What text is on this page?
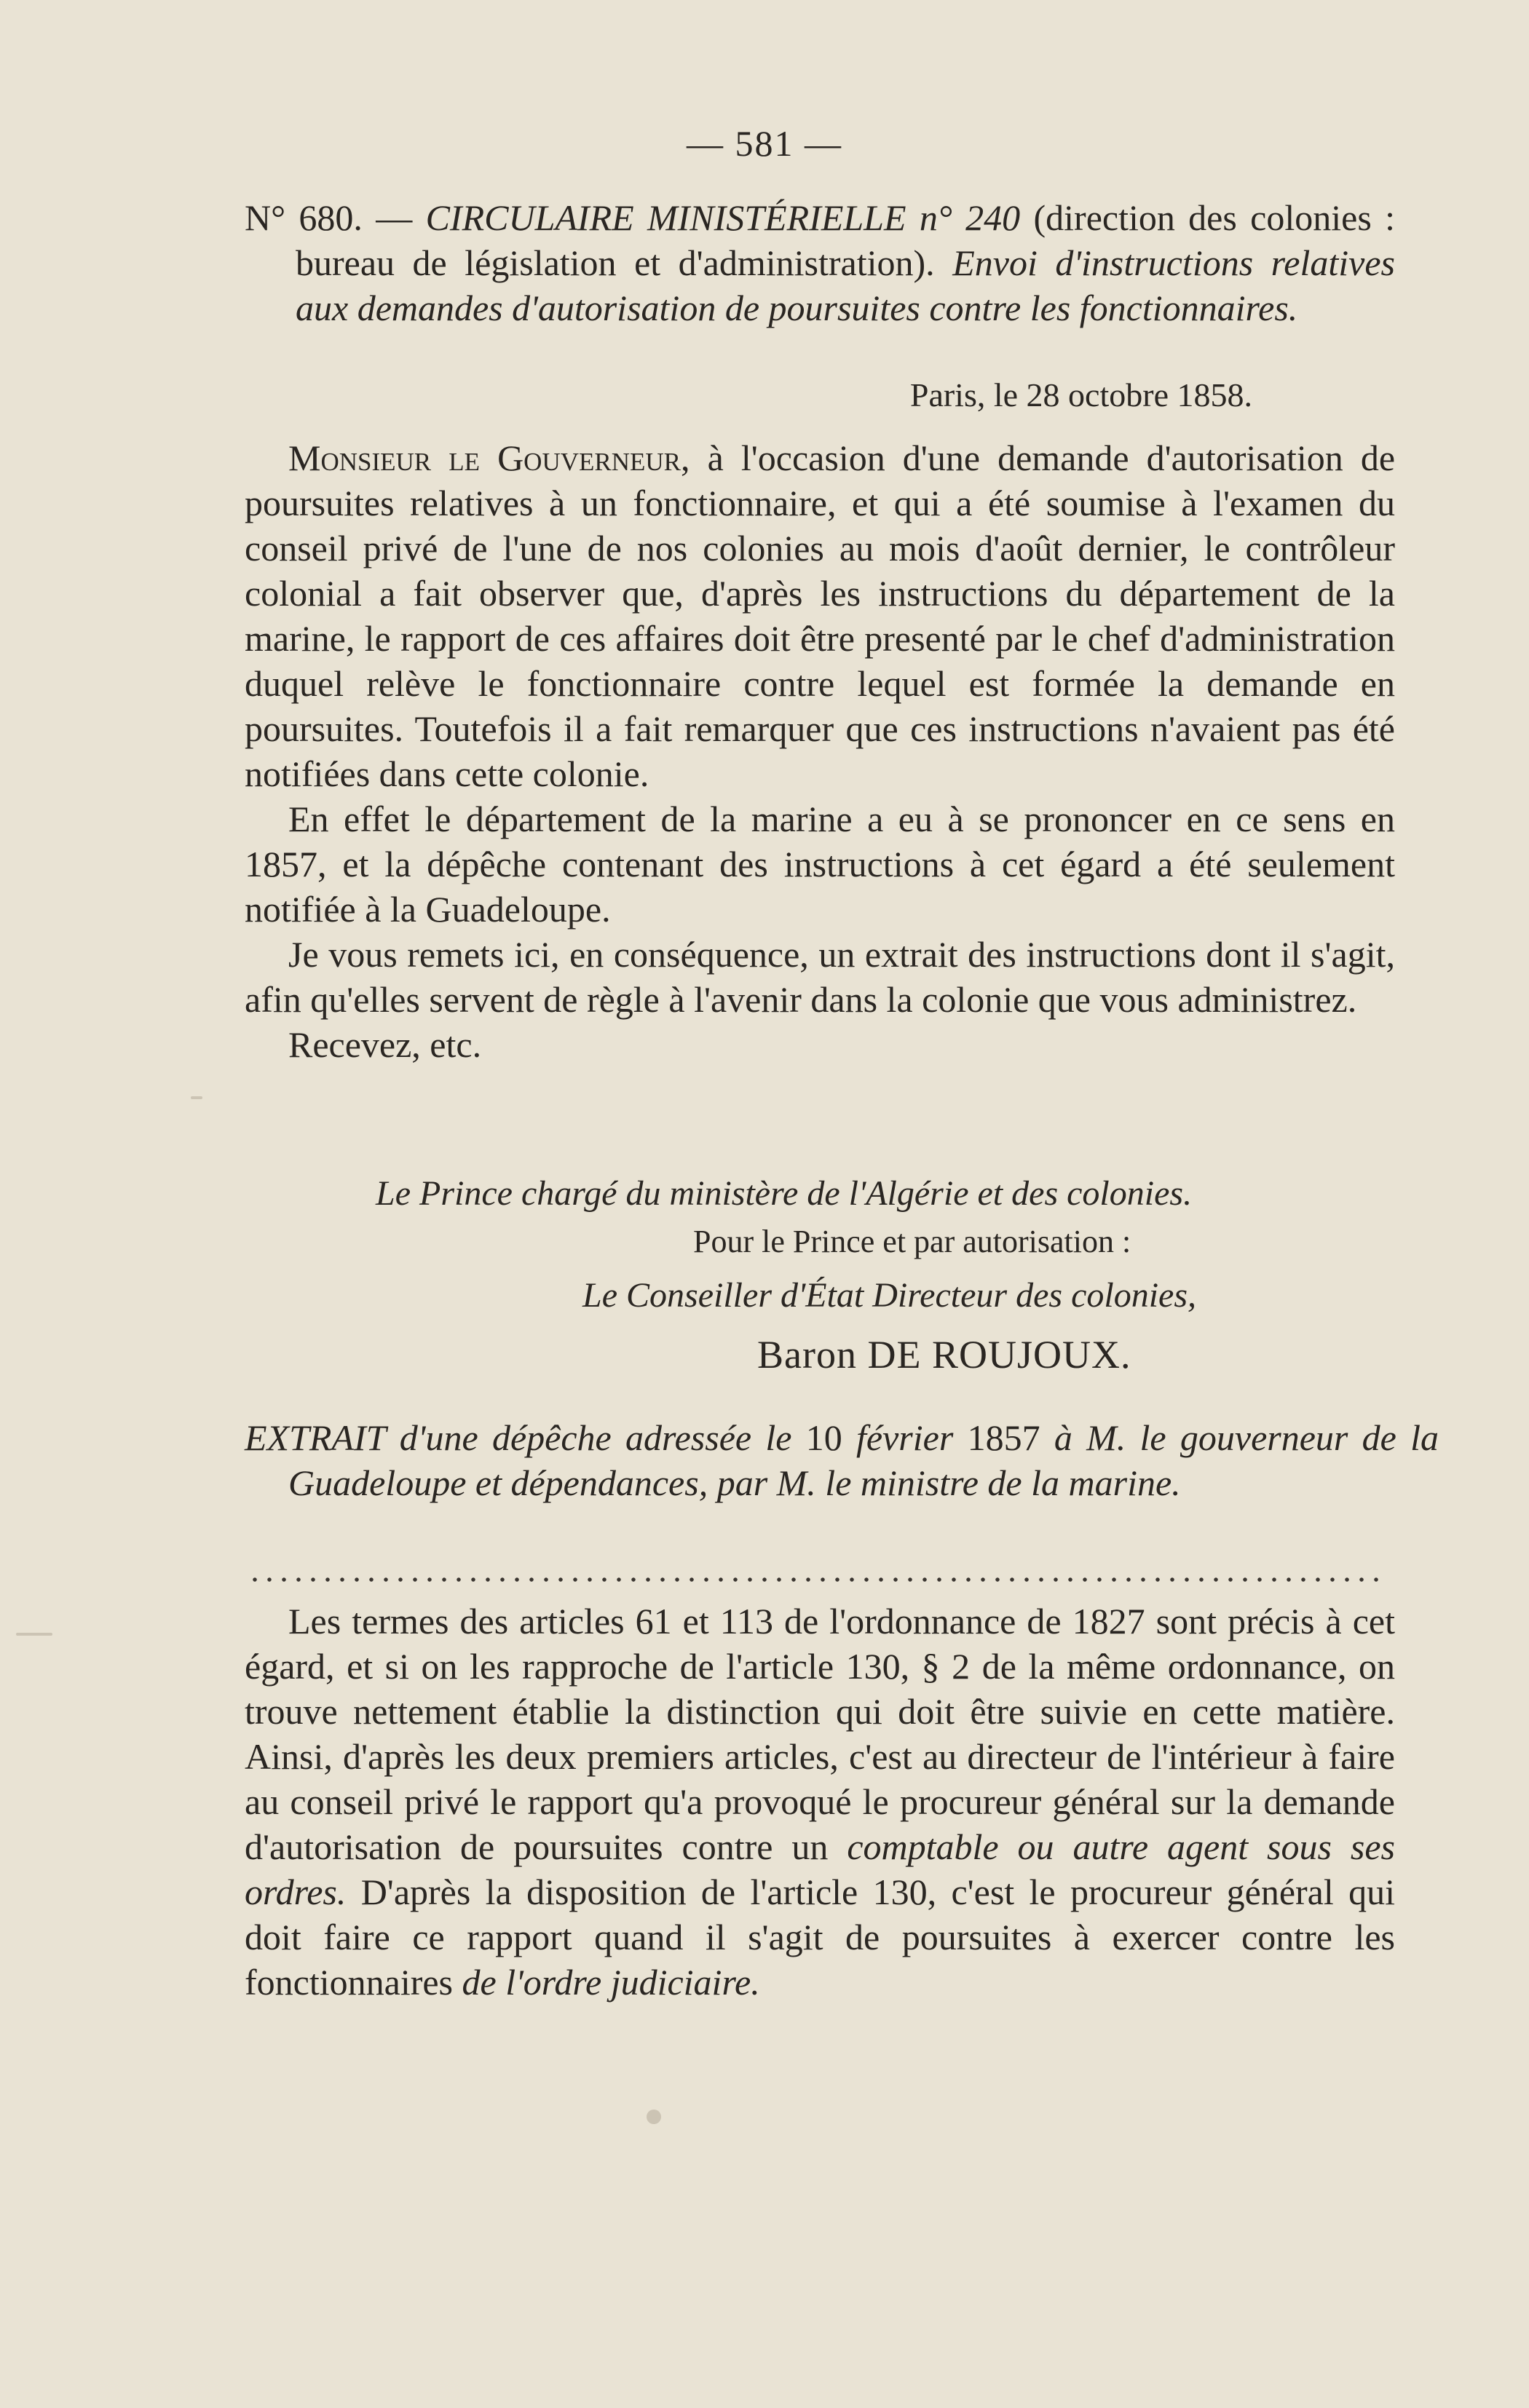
— 581 —

N° 680. — CIRCULAIRE MINISTÉRIELLE n° 240 (direction des colonies : bureau de législation et d'administration). Envoi d'instructions relatives aux demandes d'autorisation de poursuites contre les fonctionnaires.

Paris, le 28 octobre 1858.

Monsieur le Gouverneur, à l'occasion d'une demande d'autorisation de poursuites relatives à un fonctionnaire, et qui a été soumise à l'examen du conseil privé de l'une de nos colonies au mois d'août dernier, le contrôleur colonial a fait observer que, d'après les instructions du département de la marine, le rapport de ces affaires doit être presenté par le chef d'administration duquel relève le fonctionnaire contre lequel est formée la demande en poursuites. Toutefois il a fait remarquer que ces instructions n'avaient pas été notifiées dans cette colonie.

En effet le département de la marine a eu à se prononcer en ce sens en 1857, et la dépêche contenant des instructions à cet égard a été seulement notifiée à la Guadeloupe.

Je vous remets ici, en conséquence, un extrait des instructions dont il s'agit, afin qu'elles servent de règle à l'avenir dans la colonie que vous administrez.

Recevez, etc.

Le Prince chargé du ministère de l'Algérie et des colonies.
Pour le Prince et par autorisation :
Le Conseiller d'État Directeur des colonies,
Baron DE ROUJOUX.
EXTRAIT d'une dépêche adressée le 10 février 1857 à M. le gouverneur de la Guadeloupe et dépendances, par M. le ministre de la marine.

Les termes des articles 61 et 113 de l'ordonnance de 1827 sont précis à cet égard, et si on les rapproche de l'article 130, § 2 de la même ordonnance, on trouve nettement établie la distinction qui doit être suivie en cette matière. Ainsi, d'après les deux premiers articles, c'est au directeur de l'intérieur à faire au conseil privé le rapport qu'a provoqué le procureur général sur la demande d'autorisation de poursuites contre un comptable ou autre agent sous ses ordres. D'après la disposition de l'article 130, c'est le procureur général qui doit faire ce rapport quand il s'agit de poursuites à exercer contre les fonctionnaires de l'ordre judiciaire.
